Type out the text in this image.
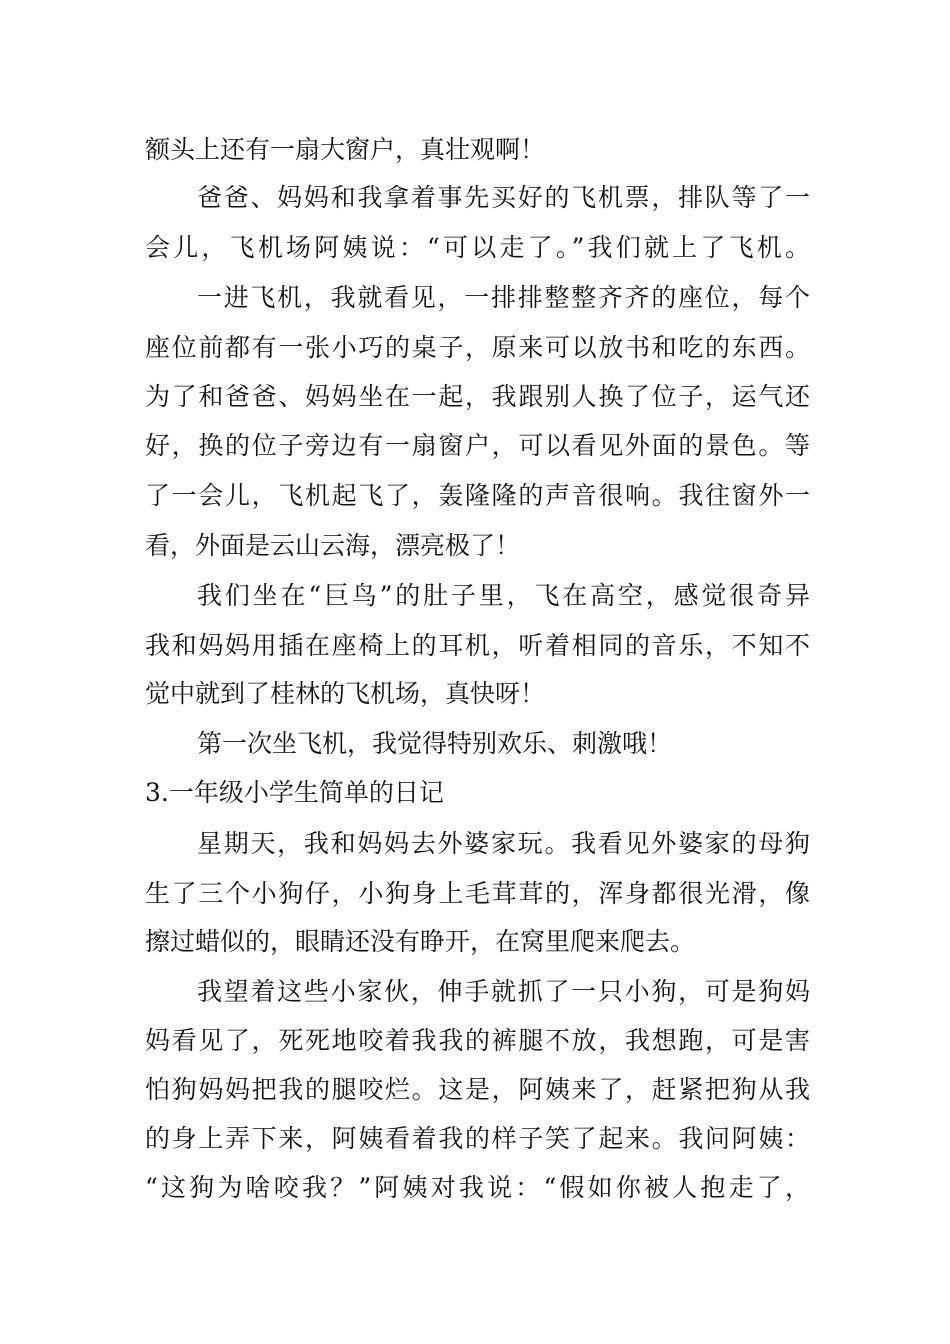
额头上还有一扇大窗户，真壮观啊！
爸爸、妈妈和我拿着事先买好的飞机票，排队等了一
会儿，飞机场阿姨说：“可以走了。”我们就上了飞机。
一进飞机，我就看见，一排排整整齐齐的座位，每个
座位前都有一张小巧的桌子，原来可以放书和吃的东西。
为了和爸爸、妈妈坐在一起，我跟别人换了位子，运气还
好，换的位子旁边有一扇窗户，可以看见外面的景色。等
了一会儿，飞机起飞了，轰隆隆的声音很响。我往窗外一
看，外面是云山云海，漂亮极了！
我们坐在“巨鸟”的肚子里，飞在高空，感觉很奇异
我和妈妈用插在座椅上的耳机，听着相同的音乐，不知不
觉中就到了桂林的飞机场，真快呀！
第一次坐飞机，我觉得特别欢乐、刺激哦！
3.一年级小学生简单的日记
星期天，我和妈妈去外婆家玩。我看见外婆家的母狗
生了三个小狗仔，小狗身上毛茸茸的，浑身都很光滑，像
擦过蜡似的，眼睛还没有睁开，在窝里爬来爬去。
我望着这些小家伙，伸手就抓了一只小狗，可是狗妈
妈看见了，死死地咬着我我的裤腿不放，我想跑，可是害
怕狗妈妈把我的腿咬烂。这是，阿姨来了，赶紧把狗从我
的身上弄下来，阿姨看着我的样子笑了起来。我问阿姨：
“这狗为啥咬我？”阿姨对我说：“假如你被人抱走了，
